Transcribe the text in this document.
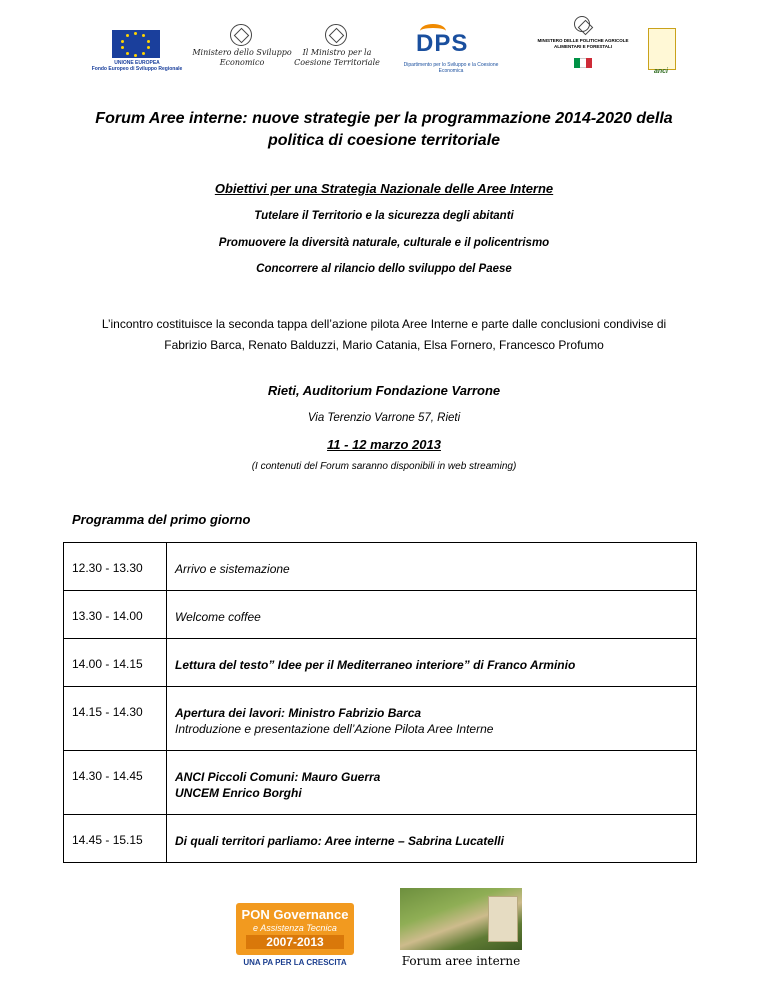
UNIONE EUROPEA
Fondo Europeo di Sviluppo Regionale
Ministero dello Sviluppo Economico
Il Ministro per la Coesione Territoriale
DPS
Dipartimento per lo Sviluppo e la Coesione Economica
MINISTERO DELLE POLITICHE AGRICOLE ALIMENTARI E FORESTALI
anci
Forum Aree interne: nuove strategie per la programmazione 2014-2020 della
politica di coesione territoriale
Obiettivi per una Strategia Nazionale delle Aree Interne
Tutelare il Territorio e la sicurezza degli abitanti
Promuovere la diversità naturale, culturale e il policentrismo
Concorrere al rilancio dello sviluppo del Paese
L’incontro costituisce la seconda tappa dell’azione pilota Aree Interne e parte dalle conclusioni condivise di
Fabrizio Barca, Renato Balduzzi, Mario Catania, Elsa Fornero, Francesco Profumo
Rieti, Auditorium Fondazione Varrone
Via Terenzio Varrone 57, Rieti
11 - 12 marzo 2013
(I contenuti del Forum saranno disponibili in web streaming)
Programma del primo giorno
12.30 - 13.30	Arrivo e sistemazione

13.30 - 14.00	Welcome coffee

14.00 - 14.15	Lettura del testo” Idee per il Mediterraneo interiore” di Franco Arminio

14.15 - 14.30	Apertura dei lavori: Ministro Fabrizio Barca
Introduzione e presentazione dell’Azione Pilota Aree Interne

14.30 - 14.45	ANCI Piccoli Comuni: Mauro Guerra
UNCEM Enrico Borghi

14.45 - 15.15	Di quali territori parliamo: Aree interne – Sabrina Lucatelli
PON Governance
e Assistenza Tecnica
2007-2013
UNA PA PER LA CRESCITA	Forum aree interne
